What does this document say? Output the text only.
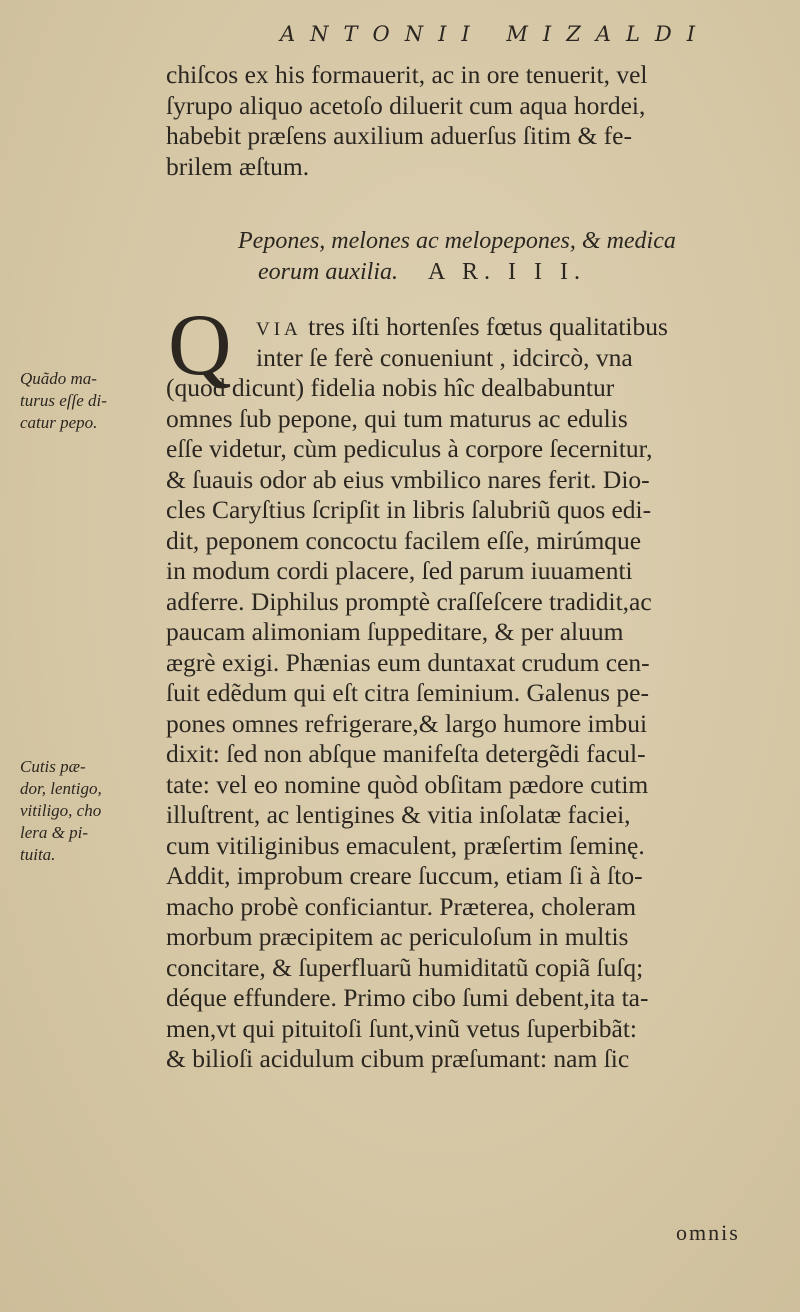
ANTONII MIZALDI
chiſcos ex his formauerit, ac in ore tenuerit, vel
ſyrupo aliquo acetoſo diluerit cum aqua hordei,
habebit præſens auxilium aduerſus ſitim & fe-
brilem æſtum.
Pepones, melones ac melopepones, & medica
eorum auxilia. A R. I I I.
Q	VIA tres iſti hortenſes fœtus qualitatibus
inter ſe ferè conueniunt , idcircò, vna
(quod dicunt) fidelia nobis hîc dealbabuntur
omnes ſub pepone, qui tum maturus ac edulis
eſſe videtur, cùm pediculus à corpore ſecernitur,
& ſuauis odor ab eius vmbilico nares ferit. Dio-
cles Caryſtius ſcripſit in libris ſalubriũ quos edi-
dit, peponem concoctu facilem eſſe, mirúmque
in modum cordi placere, ſed parum iuuamenti
adferre. Diphilus promptè craſſeſcere tradidit,ac
paucam alimoniam ſuppeditare, & per aluum
ægrè exigi. Phænias eum duntaxat crudum cen-
ſuit edẽdum qui eſt citra ſeminium. Galenus pe-
pones omnes refrigerare,& largo humore imbui
dixit: ſed non abſque manifeſta detergẽdi facul-
tate: vel eo nomine quòd obſitam pædore cutim
illuſtrent, ac lentigines & vitia inſolatæ faciei,
cum vitiliginibus emaculent, præſertim ſeminę.
Addit, improbum creare ſuccum, etiam ſi à ſto-
macho probè conficiantur. Præterea, choleram
morbum præcipitem ac periculoſum in multis
concitare, & ſuperfluarũ humiditatũ copiã ſuſq;
déque effundere. Primo cibo ſumi debent,ita ta-
men,vt qui pituitoſi ſunt,vinũ vetus ſuperbibãt:
& bilioſi acidulum cibum præſumant: nam ſic
Quãdo ma-
turus eſſe di-
catur pepo.
Cutis pæ-
dor, lentigo,
vitiligo, cho
lera & pi-
tuita.
omnis
